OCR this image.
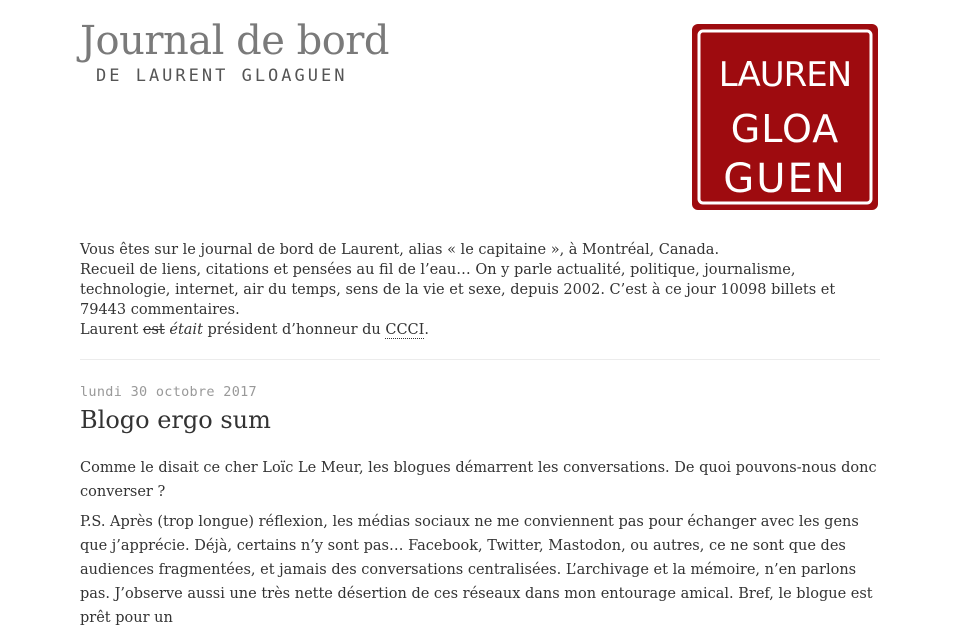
Journal de bord
DE LAURENT GLOAGUEN	LAUREN
GLOA
GUEN

Vous êtes sur le journal de bord de Laurent, alias « le capitaine », à Montréal, Canada.

Recueil de liens, citations et pensées au fil de l’eau… On y parle actualité, politique, journalisme, technologie, internet, air du temps, sens de la vie et sexe, depuis 2002. C’est à ce jour 10098 billets et 79443 commentaires.

Laurent est était président d’honneur du CCCI.

lundi 30 octobre 2017
Blogo ergo sum

Comme le disait ce cher Loïc Le Meur, les blogues démarrent les conversations. De quoi pouvons-nous donc converser ?

P.S. Après (trop longue) réflexion, les médias sociaux ne me conviennent pas pour échanger avec les gens que j’apprécie. Déjà, certains n’y sont pas… Facebook, Twitter, Mastodon, ou autres, ce ne sont que des audiences fragmentées, et jamais des conversations centralisées. L’archivage et la mémoire, n’en parlons pas. J’observe aussi une très nette désertion de ces réseaux dans mon entourage amical. Bref, le blogue est prêt pour un
